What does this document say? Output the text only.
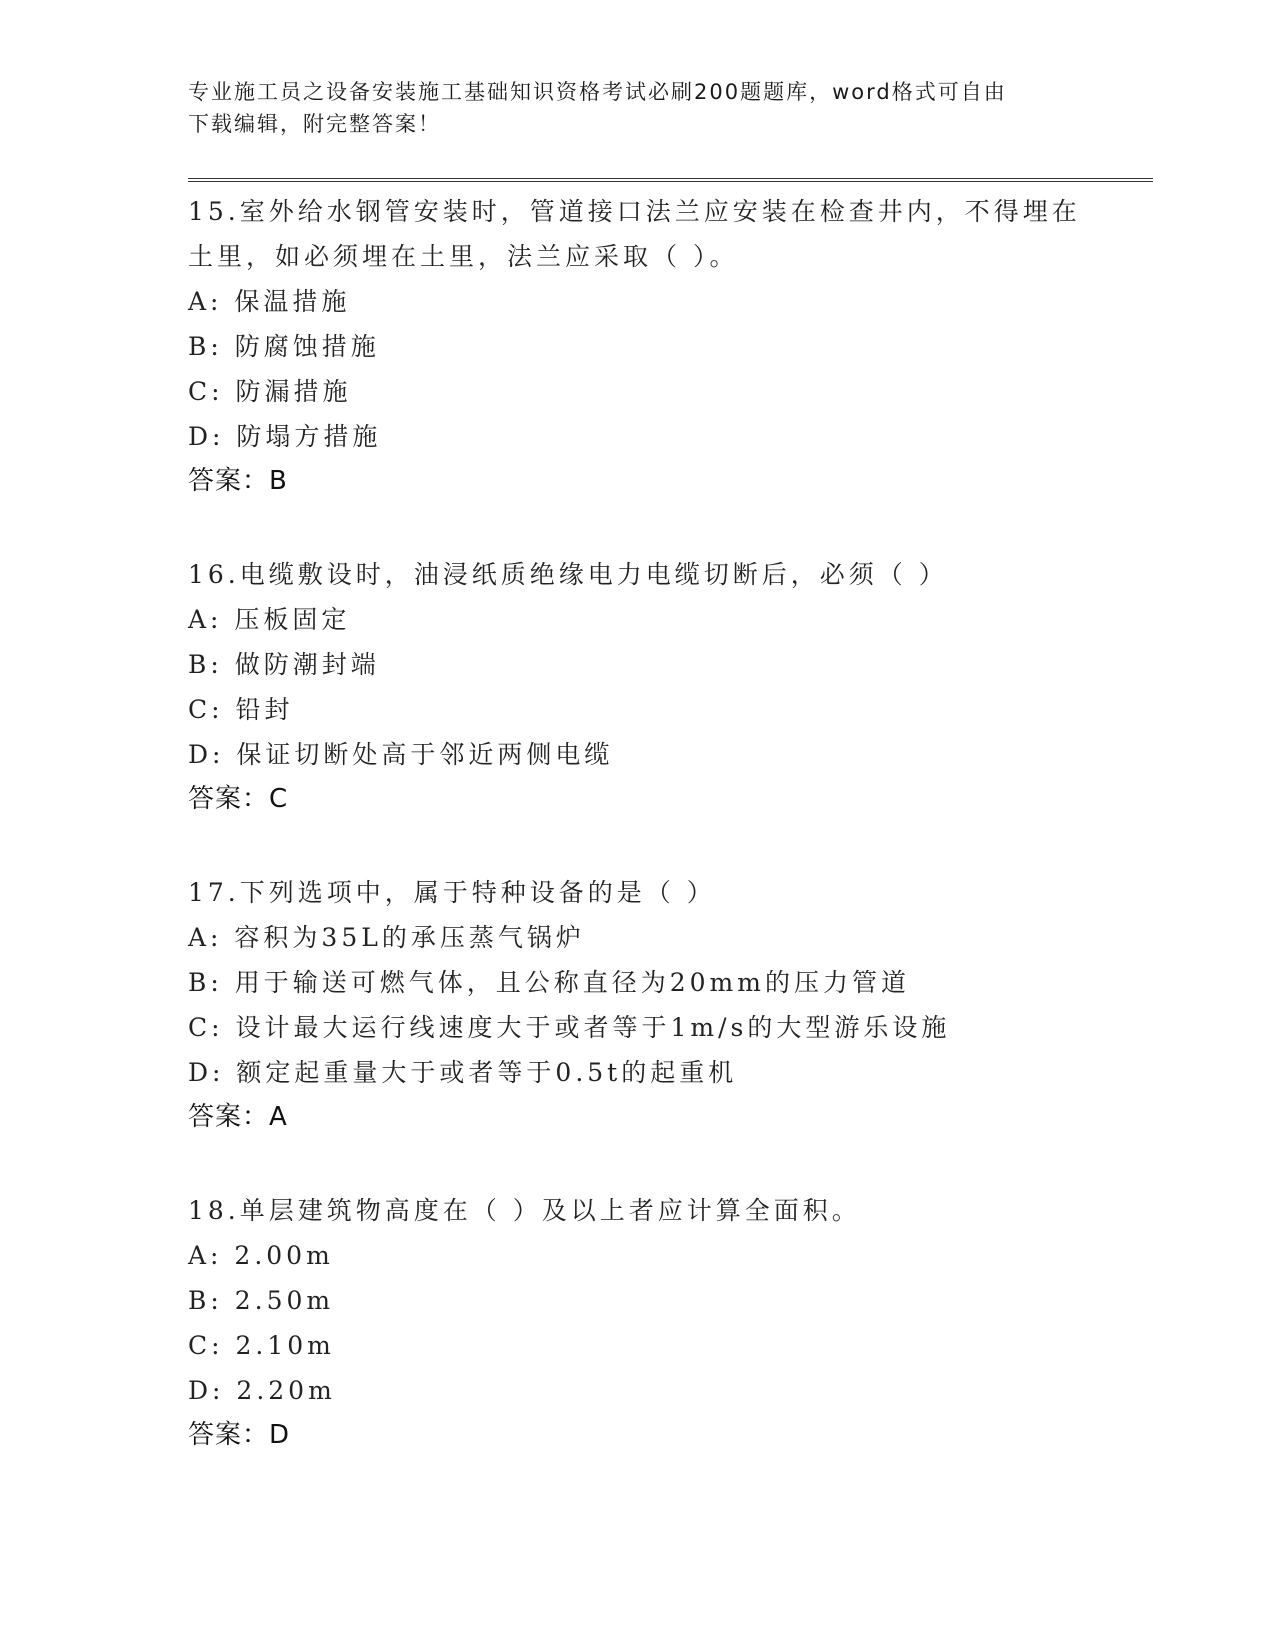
专业施工员之设备安装施工基础知识资格考试必刷200题题库，word格式可自由
下载编辑，附完整答案！

15.室外给水钢管安装时，管道接口法兰应安装在检查井内，不得埋在

土里，如必须埋在土里，法兰应采取（ ）。

A: 保温措施

B: 防腐蚀措施

C: 防漏措施

D: 防塌方措施

答案：B

16.电缆敷设时，油浸纸质绝缘电力电缆切断后，必须（ ）

A: 压板固定

B: 做防潮封端

C: 铅封

D: 保证切断处高于邻近两侧电缆

答案：C

17.下列选项中，属于特种设备的是（ ）

A: 容积为35L的承压蒸气锅炉

B: 用于输送可燃气体，且公称直径为20mm的压力管道

C: 设计最大运行线速度大于或者等于1m/s的大型游乐设施

D: 额定起重量大于或者等于0.5t的起重机

答案：A

18.单层建筑物高度在（ ）及以上者应计算全面积。

A: 2.00m

B: 2.50m

C: 2.10m

D: 2.20m

答案：D
